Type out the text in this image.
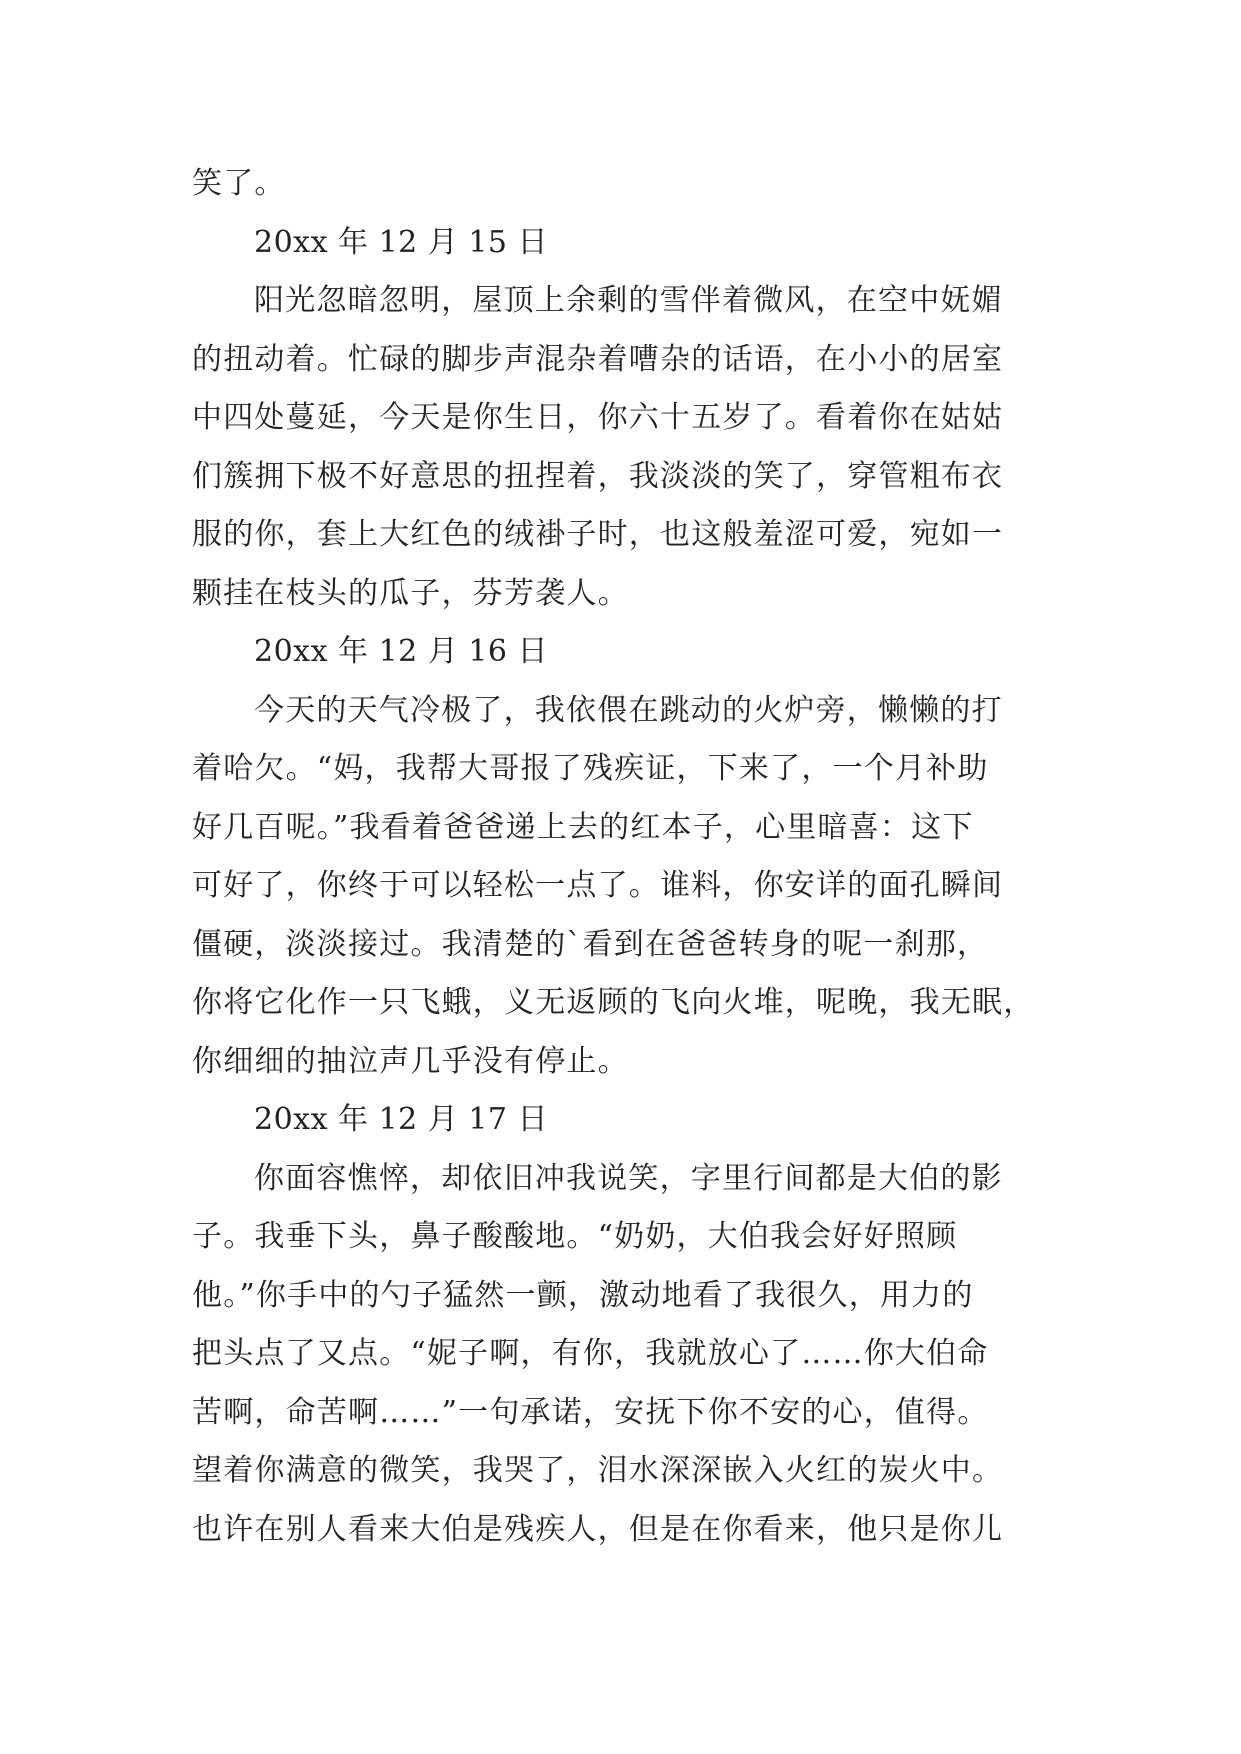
笑了。
20xx 年 12 月 15 日
阳光忽暗忽明，屋顶上余剩的雪伴着微风，在空中妩媚
的扭动着。忙碌的脚步声混杂着嘈杂的话语，在小小的居室
中四处蔓延，今天是你生日，你六十五岁了。看着你在姑姑
们簇拥下极不好意思的扭捏着，我淡淡的笑了，穿管粗布衣
服的你，套上大红色的绒褂子时，也这般羞涩可爱，宛如一
颗挂在枝头的瓜子，芬芳袭人。
20xx 年 12 月 16 日
今天的天气冷极了，我依偎在跳动的火炉旁，懒懒的打
着哈欠。“妈，我帮大哥报了残疾证，下来了，一个月补助
好几百呢。”我看着爸爸递上去的红本子，心里暗喜：这下
可好了，你终于可以轻松一点了。谁料，你安详的面孔瞬间
僵硬，淡淡接过。我清楚的`看到在爸爸转身的呢一刹那，
你将它化作一只飞蛾，义无返顾的飞向火堆，呢晚，我无眠，
你细细的抽泣声几乎没有停止。
20xx 年 12 月 17 日
你面容憔悴，却依旧冲我说笑，字里行间都是大伯的影
子。我垂下头，鼻子酸酸地。“奶奶，大伯我会好好照顾
他。”你手中的勺子猛然一颤，激动地看了我很久，用力的
把头点了又点。“妮子啊，有你，我就放心了……你大伯命
苦啊，命苦啊……”一句承诺，安抚下你不安的心，值得。
望着你满意的微笑，我哭了，泪水深深嵌入火红的炭火中。
也许在别人看来大伯是残疾人，但是在你看来，他只是你儿
